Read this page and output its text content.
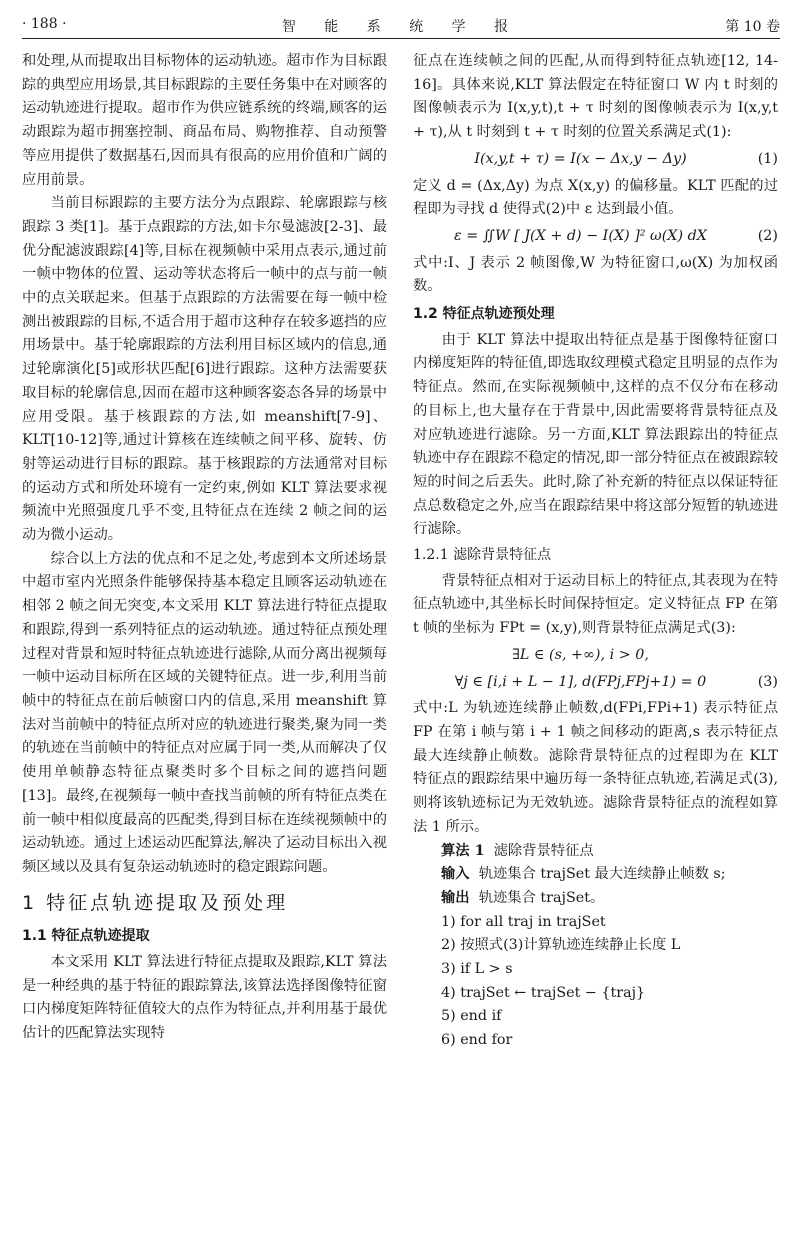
· 188 ·	智 能 系 统 学 报	第 10 卷

和处理,从而提取出目标物体的运动轨迹。超市作为目标跟踪的典型应用场景,其目标跟踪的主要任务集中在对顾客的运动轨迹进行提取。超市作为供应链系统的终端,顾客的运动跟踪为超市拥塞控制、商品布局、购物推荐、自动预警等应用提供了数据基石,因而具有很高的应用价值和广阔的应用前景。

当前目标跟踪的主要方法分为点跟踪、轮廓跟踪与核跟踪 3 类[1]。基于点跟踪的方法,如卡尔曼滤波[2-3]、最优分配滤波跟踪[4]等,目标在视频帧中采用点表示,通过前一帧中物体的位置、运动等状态将后一帧中的点与前一帧中的点关联起来。但基于点跟踪的方法需要在每一帧中检测出被跟踪的目标,不适合用于超市这种存在较多遮挡的应用场景中。基于轮廓跟踪的方法利用目标区域内的信息,通过轮廓演化[5]或形状匹配[6]进行跟踪。这种方法需要获取目标的轮廓信息,因而在超市这种顾客姿态各异的场景中应用受限。基于核跟踪的方法,如 meanshift[7-9]、KLT[10-12]等,通过计算核在连续帧之间平移、旋转、仿射等运动进行目标的跟踪。基于核跟踪的方法通常对目标的运动方式和所处环境有一定约束,例如 KLT 算法要求视频流中光照强度几乎不变,且特征点在连续 2 帧之间的运动为微小运动。

综合以上方法的优点和不足之处,考虑到本文所述场景中超市室内光照条件能够保持基本稳定且顾客运动轨迹在相邻 2 帧之间无突变,本文采用 KLT 算法进行特征点提取和跟踪,得到一系列特征点的运动轨迹。通过特征点预处理过程对背景和短时特征点轨迹进行滤除,从而分离出视频每一帧中运动目标所在区域的关键特征点。进一步,利用当前帧中的特征点在前后帧窗口内的信息,采用 meanshift 算法对当前帧中的特征点所对应的轨迹进行聚类,聚为同一类的轨迹在当前帧中的特征点对应属于同一类,从而解决了仅使用单帧静态特征点聚类时多个目标之间的遮挡问题[13]。最终,在视频每一帧中查找当前帧的所有特征点类在前一帧中相似度最高的匹配类,得到目标在连续视频帧中的运动轨迹。通过上述运动匹配算法,解决了运动目标出入视频区域以及具有复杂运动轨迹时的稳定跟踪问题。

1 特征点轨迹提取及预处理
1.1 特征点轨迹提取

本文采用 KLT 算法进行特征点提取及跟踪,KLT 算法是一种经典的基于特征的跟踪算法,该算法选择图像特征窗口内梯度矩阵特征值较大的点作为特征点,并利用基于最优估计的匹配算法实现特

征点在连续帧之间的匹配,从而得到特征点轨迹[12, 14-16]。具体来说,KLT 算法假定在特征窗口 W 内 t 时刻的图像帧表示为 I(x,y,t),t + τ 时刻的图像帧表示为 I(x,y,t + τ),从 t 时刻到 t + τ 时刻的位置关系满足式(1):

I(x,y,t + τ) = I(x − Δx,y − Δy)	(1)

定义 d = (Δx,Δy) 为点 X(x,y) 的偏移量。KLT 匹配的过程即为寻找 d 使得式(2)中 ε 达到最小值。

ε = ∬W [ J(X + d) − I(X) ]² ω(X) dX	(2)

式中:I、J 表示 2 帧图像,W 为特征窗口,ω(X) 为加权函数。

1.2 特征点轨迹预处理

由于 KLT 算法中提取出特征点是基于图像特征窗口内梯度矩阵的特征值,即选取纹理模式稳定且明显的点作为特征点。然而,在实际视频帧中,这样的点不仅分布在移动的目标上,也大量存在于背景中,因此需要将背景特征点及对应轨迹进行滤除。另一方面,KLT 算法跟踪出的特征点轨迹中存在跟踪不稳定的情况,即一部分特征点在被跟踪较短的时间之后丢失。此时,除了补充新的特征点以保证特征点总数稳定之外,应当在跟踪结果中将这部分短暂的轨迹进行滤除。

1.2.1 滤除背景特征点

背景特征点相对于运动目标上的特征点,其表现为在特征点轨迹中,其坐标长时间保持恒定。定义特征点 FP 在第 t 帧的坐标为 FPt = (x,y),则背景特征点满足式(3):

∃L ∈ (s, +∞), i > 0,
∀j ∈ [i,i + L − 1], d(FPj,FPj+1) = 0	(3)

式中:L 为轨迹连续静止帧数,d(FPi,FPi+1) 表示特征点 FP 在第 i 帧与第 i + 1 帧之间移动的距离,s 表示特征点最大连续静止帧数。滤除背景特征点的过程即为在 KLT 特征点的跟踪结果中遍历每一条特征点轨迹,若满足式(3),则将该轨迹标记为无效轨迹。滤除背景特征点的流程如算法 1 所示。

算法 1 滤除背景特征点
输入 轨迹集合 trajSet 最大连续静止帧数 s;
输出 轨迹集合 trajSet。
1) for all traj in trajSet
2) 按照式(3)计算轨迹连续静止长度 L
3) if L > s
4) trajSet ← trajSet − {traj}
5) end if
6) end for
